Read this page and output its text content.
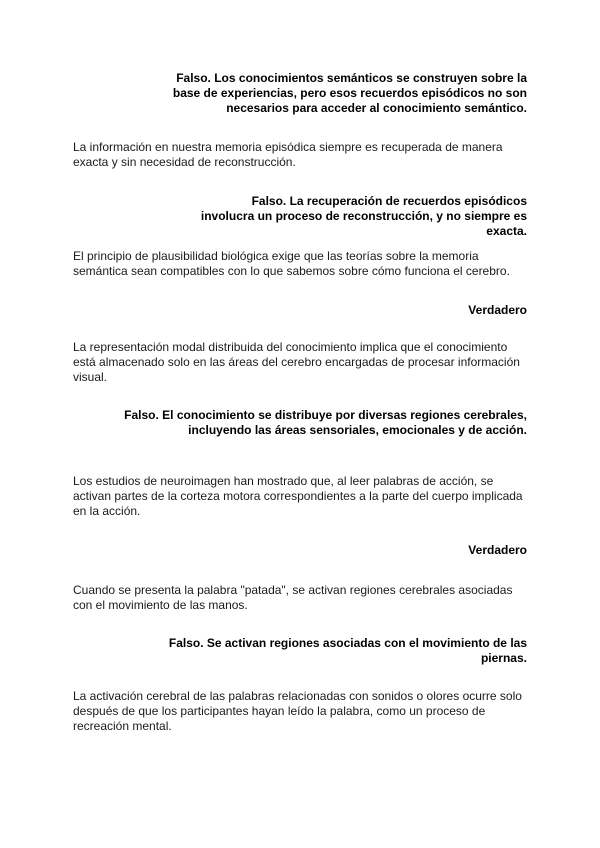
Falso. Los conocimientos semánticos se construyen sobre la base de experiencias, pero esos recuerdos episódicos no son necesarios para acceder al conocimiento semántico.
La información en nuestra memoria episódica siempre es recuperada de manera exacta y sin necesidad de reconstrucción.
Falso. La recuperación de recuerdos episódicos involucra un proceso de reconstrucción, y no siempre es exacta.
El principio de plausibilidad biológica exige que las teorías sobre la memoria semántica sean compatibles con lo que sabemos sobre cómo funciona el cerebro.
Verdadero
La representación modal distribuida del conocimiento implica que el conocimiento está almacenado solo en las áreas del cerebro encargadas de procesar información visual.
Falso. El conocimiento se distribuye por diversas regiones cerebrales, incluyendo las áreas sensoriales, emocionales y de acción.
Los estudios de neuroimagen han mostrado que, al leer palabras de acción, se activan partes de la corteza motora correspondientes a la parte del cuerpo implicada en la acción.
Verdadero
Cuando se presenta la palabra "patada", se activan regiones cerebrales asociadas con el movimiento de las manos.
Falso. Se activan regiones asociadas con el movimiento de las piernas.
La activación cerebral de las palabras relacionadas con sonidos o olores ocurre solo después de que los participantes hayan leído la palabra, como un proceso de recreación mental.
